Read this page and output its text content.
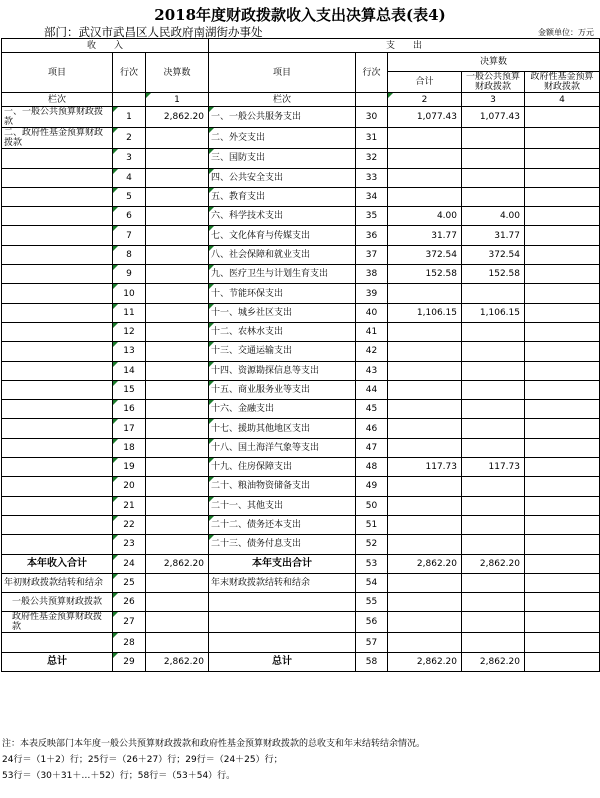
2018年度财政拨款收入支出决算总表(表4)
部门：武汉市武昌区人民政府南湖街办事处	金额单位：万元
收　　入			支　　出				
项目	行次	决算数	项目	行次	决算数		
					合计	一般公共预算财政拨款	政府性基金预算财政拨款

栏次		1	栏次		2	3	4
一、一般公共预算财政拨款	1	2,862.20	一、一般公共服务支出	30	1,077.43	1,077.43	
二、政府性基金预算财政拨款	2		二、外交支出	31			
	3		三、国防支出	32			
	4		四、公共安全支出	33			
	5		五、教育支出	34			
	6		六、科学技术支出	35	4.00	4.00	
	7		七、文化体育与传媒支出	36	31.77	31.77	
	8		八、社会保障和就业支出	37	372.54	372.54	
	9		九、医疗卫生与计划生育支出	38	152.58	152.58	
	10		十、节能环保支出	39			
	11		十一、城乡社区支出	40	1,106.15	1,106.15	
	12		十二、农林水支出	41			
	13		十三、交通运输支出	42			
	14		十四、资源勘探信息等支出	43			
	15		十五、商业服务业等支出	44			
	16		十六、金融支出	45			
	17		十七、援助其他地区支出	46			
	18		十八、国土海洋气象等支出	47			
	19		十九、住房保障支出	48	117.73	117.73	
	20		二十、粮油物资储备支出	49			
	21		二十一、其他支出	50			
	22		二十二、债务还本支出	51			
	23		二十三、债务付息支出	52			
本年收入合计	24	2,862.20	本年支出合计	53	2,862.20	2,862.20	
年初财政拨款结转和结余	25		年末财政拨款结转和结余	54			
一般公共预算财政拨款	26			55			
政府性基金预算财政拨款	27			56			
	28			57			
总计	29	2,862.20	总计	58	2,862.20	2,862.20	
注：本表反映部门本年度一般公共预算财政拨款和政府性基金预算财政拨款的总收支和年末结转结余情况。
24行＝（1＋2）行；25行＝（26＋27）行；29行＝（24＋25）行；
53行＝（30＋31＋…＋52）行；58行＝（53＋54）行。
